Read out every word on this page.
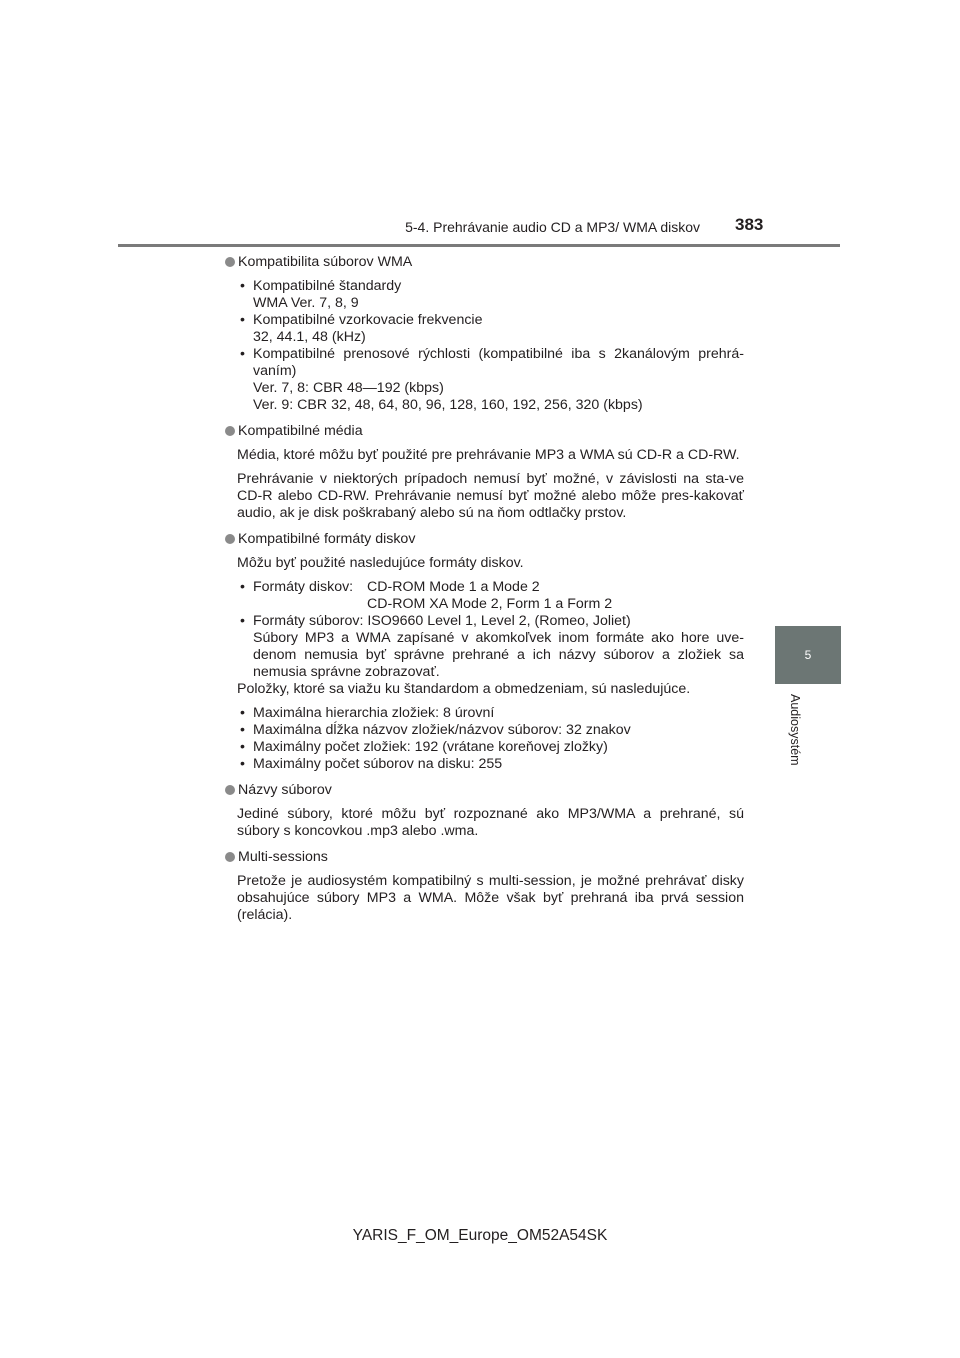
5-4. Prehrávanie audio CD a MP3/ WMA diskov 383
5
Audiosystém
Kompatibilita súborov WMA
• Kompatibilné štandardy
WMA Ver. 7, 8, 9
• Kompatibilné vzorkovacie frekvencie
32, 44.1, 48 (kHz)
• Kompatibilné prenosové rýchlosti (kompatibilné iba s 2kanálovým prehrá-vaním)
Ver. 7, 8: CBR 48—192 (kbps)
Ver. 9: CBR 32, 48, 64, 80, 96, 128, 160, 192, 256, 320 (kbps)
Kompatibilné média
Média, ktoré môžu byť použité pre prehrávanie MP3 a WMA sú CD-R a CD-RW.
Prehrávanie v niektorých prípadoch nemusí byť možné, v závislosti na sta-ve CD-R alebo CD-RW. Prehrávanie nemusí byť možné alebo môže pres-kakovať audio, ak je disk poškrabaný alebo sú na ňom odtlačky prstov.
Kompatibilné formáty diskov
Môžu byť použité nasledujúce formáty diskov.
• Formáty diskov: CD-ROM Mode 1 a Mode 2
CD-ROM XA Mode 2, Form 1 a Form 2
• Formáty súborov: ISO9660 Level 1, Level 2, (Romeo, Joliet)
Súbory MP3 a WMA zapísané v akomkoľvek inom formáte ako hore uve-denom nemusia byť správne prehrané a ich názvy súborov a zložiek sa nemusia správne zobrazovať.
Položky, ktoré sa viažu ku štandardom a obmedzeniam, sú nasledujúce.
• Maximálna hierarchia zložiek: 8 úrovní
• Maximálna dĺžka názvov zložiek/názvov súborov: 32 znakov
• Maximálny počet zložiek: 192 (vrátane koreňovej zložky)
• Maximálny počet súborov na disku: 255
Názvy súborov
Jediné súbory, ktoré môžu byť rozpoznané ako MP3/WMA a prehrané, sú súbory s koncovkou .mp3 alebo .wma.
Multi-sessions
Pretože je audiosystém kompatibilný s multi-session, je možné prehrávať disky obsahujúce súbory MP3 a WMA. Môže však byť prehraná iba prvá session (relácia).
YARIS_F_OM_Europe_OM52A54SK
